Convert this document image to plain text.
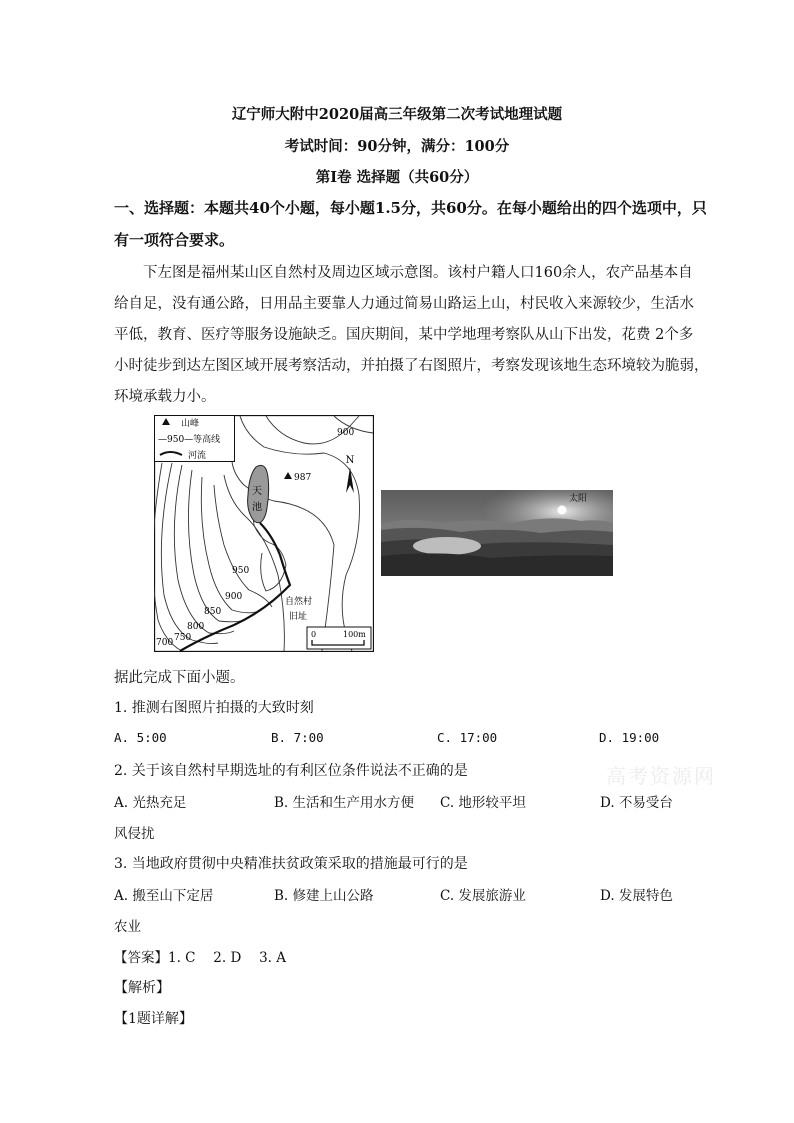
辽宁师大附中2020届高三年级第二次考试地理试题
考试时间：90分钟，满分：100分
第Ⅰ卷 选择题（共60分）
一、选择题：本题共40个小题，每小题1.5分，共60分。在每小题给出的四个选项中，只
有一项符合要求。
下左图是福州某山区自然村及周边区域示意图。该村户籍人口160余人，农产品基本自
给自足，没有通公路，日用品主要靠人力通过简易山路运上山，村民收入来源较少，生活水
平低，教育、医疗等服务设施缺乏。国庆期间，某中学地理考察队从山下出发，花费 2个多
小时徒步到达左图区域开展考察活动，并拍摄了右图照片，考察发现该地生态环境较为脆弱，
环境承载力小。
山峰
—950—等高线
河流
天
池
987
N
900
950
900
850
800
750
700
自然村
旧址
0	100m
太阳
据此完成下面小题。
1. 推测右图照片拍摄的大致时刻
A. 5:00	B. 7:00	C. 17:00	D. 19:00
2. 关于该自然村早期选址的有利区位条件说法不正确的是
A. 光热充足	B. 生活和生产用水方便 C. 地形较平坦	D. 不易受台
风侵扰
3. 当地政府贯彻中央精准扶贫政策采取的措施最可行的是
A. 搬至山下定居	B. 修建上山公路	C. 发展旅游业	D. 发展特色
农业
【答案】1. C　 2. D　 3. A
【解析】
【1题详解】
高考资源网
